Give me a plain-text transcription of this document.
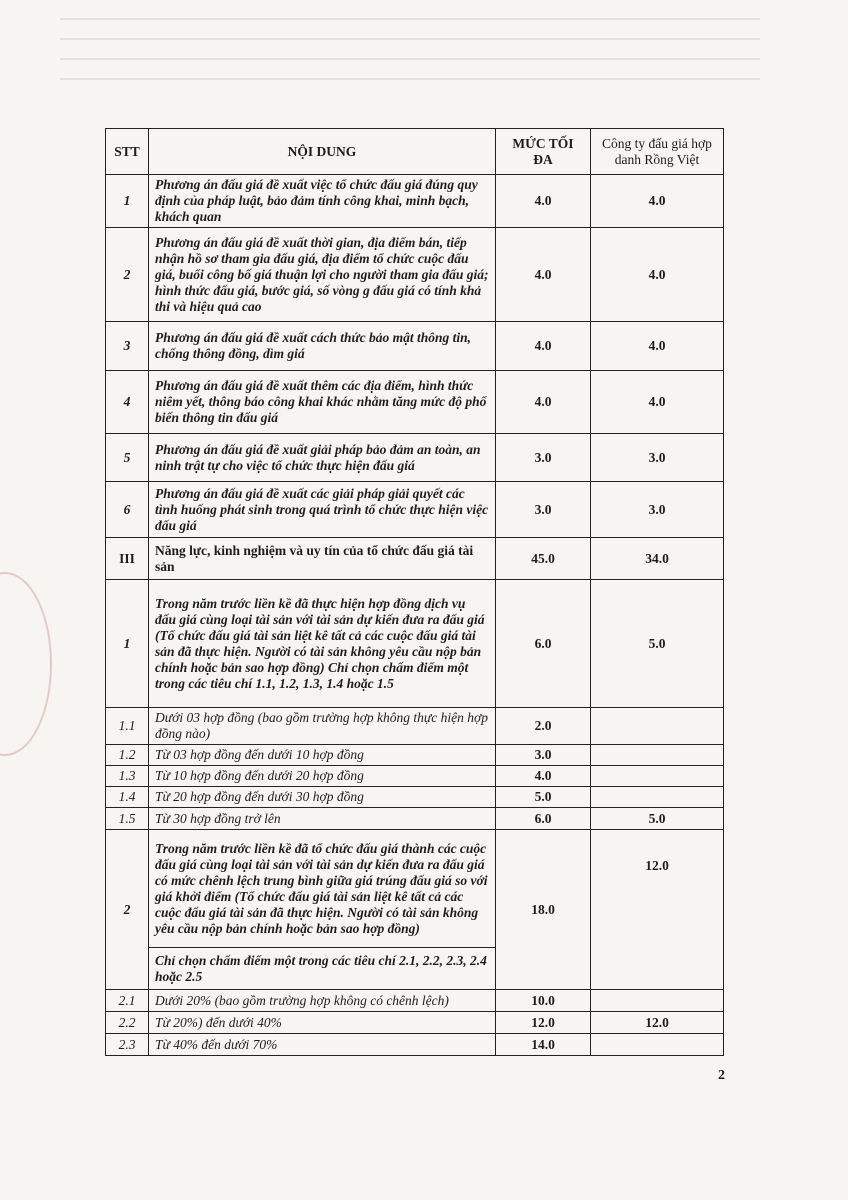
STT	NỘI DUNG	MỨC TỐI ĐA	Công ty đấu giá hợp danh Rồng Việt
1	Phương án đấu giá đề xuất việc tổ chức đấu giá đúng quy định của pháp luật, bảo đảm tính công khai, minh bạch, khách quan	4.0	4.0
2	Phương án đấu giá đề xuất thời gian, địa điểm bán, tiếp nhận hồ sơ tham gia đấu giá, địa điểm tổ chức cuộc đấu giá, buổi công bố giá thuận lợi cho người tham gia đấu giá; hình thức đấu giá, bước giá, số vòng g đấu giá có tính khả thi và hiệu quả cao	4.0	4.0
3	Phương án đấu giá đề xuất cách thức bảo mật thông tin, chống thông đồng, dìm giá	4.0	4.0
4	Phương án đấu giá đề xuất thêm các địa điểm, hình thức niêm yết, thông báo công khai khác nhằm tăng mức độ phổ biến thông tin đấu giá	4.0	4.0
5	Phương án đấu giá đề xuất giải pháp bảo đảm an toàn, an ninh trật tự cho việc tổ chức thực hiện đấu giá	3.0	3.0
6	Phương án đấu giá đề xuất các giải pháp giải quyết các tình huống phát sinh trong quá trình tổ chức thực hiện việc đấu giá	3.0	3.0
III	Năng lực, kinh nghiệm và uy tín của tổ chức đấu giá tài sản	45.0	34.0
1	Trong năm trước liền kề đã thực hiện hợp đồng dịch vụ đấu giá cùng loại tài sản với tài sản dự kiến đưa ra đấu giá (Tổ chức đấu giá tài sản liệt kê tất cả các cuộc đấu giá tài sản đã thực hiện. Người có tài sản không yêu cầu nộp bản chính hoặc bản sao hợp đồng) Chỉ chọn chấm điểm một trong các tiêu chí 1.1, 1.2, 1.3, 1.4 hoặc 1.5	6.0	5.0
1.1	Dưới 03 hợp đồng (bao gồm trường hợp không thực hiện hợp đồng nào)	2.0	
1.2	Từ 03 hợp đồng đến dưới 10 hợp đồng	3.0	
1.3	Từ 10 hợp đồng đến dưới 20 hợp đồng	4.0	
1.4	Từ 20 hợp đồng đến dưới 30 hợp đồng	5.0	
1.5	Từ 30 hợp đồng trở lên	6.0	5.0
2	Trong năm trước liền kề đã tổ chức đấu giá thành các cuộc đấu giá cùng loại tài sản với tài sản dự kiến đưa ra đấu giá có mức chênh lệch trung bình giữa giá trúng đấu giá so với giá khởi điểm (Tổ chức đấu giá tài sản liệt kê tất cả các cuộc đấu giá tài sản đã thực hiện. Người có tài sản không yêu cầu nộp bản chính hoặc bản sao hợp đồng)	18.0	12.0
	Chỉ chọn chấm điểm một trong các tiêu chí 2.1, 2.2, 2.3, 2.4 hoặc 2.5		
2.1	Dưới 20% (bao gồm trường hợp không có chênh lệch)	10.0	
2.2	Từ 20%) đến dưới 40%	12.0	12.0
2.3	Từ 40% đến dưới 70%	14.0	
2
